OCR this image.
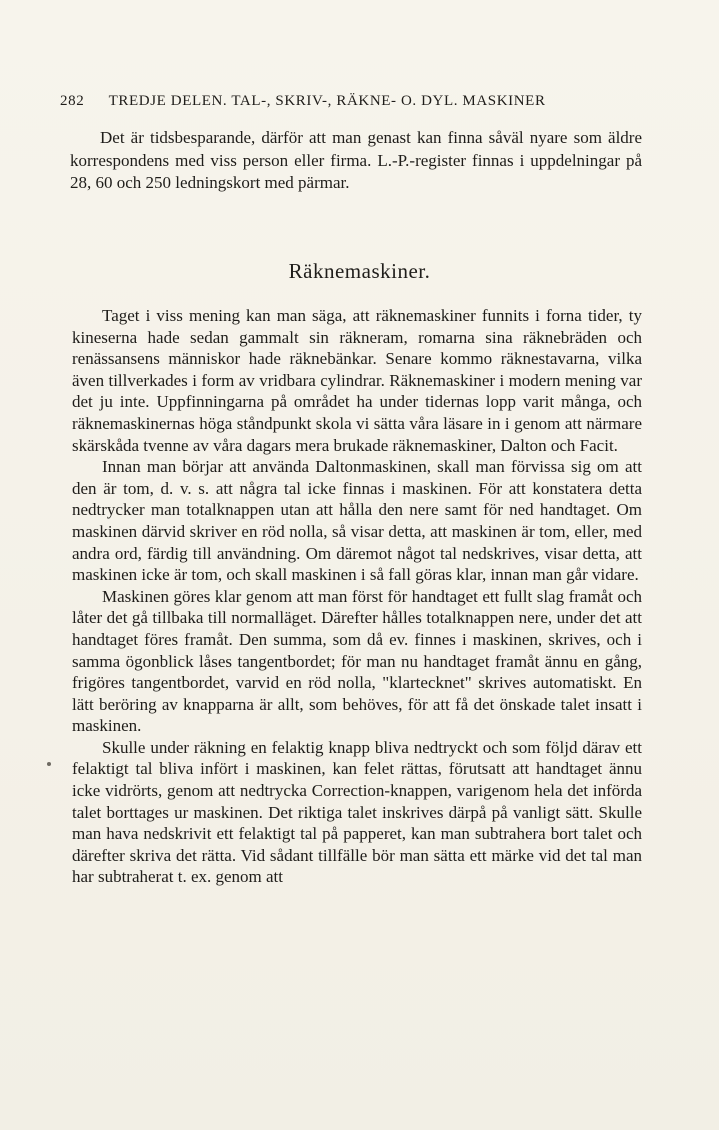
282 TREDJE DELEN. TAL-, SKRIV-, RÄKNE- O. DYL. MASKINER

Det är tidsbesparande, därför att man genast kan finna såväl nyare som äldre korrespondens med viss person eller firma. L.-P.-register finnas i uppdelningar på 28, 60 och 250 ledningskort med pärmar.

Räknemaskiner.

Taget i viss mening kan man säga, att räknemaskiner funnits i forna tider, ty kineserna hade sedan gammalt sin räkneram, romarna sina räknebräden och renässansens människor hade räknebänkar. Senare kommo räknestavarna, vilka även tillverkades i form av vridbara cylindrar. Räknemaskiner i modern mening var det ju inte. Uppfinningarna på området ha under tidernas lopp varit många, och räknemaskinernas höga ståndpunkt skola vi sätta våra läsare in i genom att närmare skärskåda tvenne av våra dagars mera brukade räknemaskiner, Dalton och Facit.

Innan man börjar att använda Daltonmaskinen, skall man förvissa sig om att den är tom, d. v. s. att några tal icke finnas i maskinen. För att konstatera detta nedtrycker man totalknappen utan att hålla den nere samt för ned handtaget. Om maskinen därvid skriver en röd nolla, så visar detta, att maskinen är tom, eller, med andra ord, färdig till användning. Om däremot något tal nedskrives, visar detta, att maskinen icke är tom, och skall maskinen i så fall göras klar, innan man går vidare.

Maskinen göres klar genom att man först för handtaget ett fullt slag framåt och låter det gå tillbaka till normalläget. Därefter hålles totalknappen nere, under det att handtaget föres framåt. Den summa, som då ev. finnes i maskinen, skrives, och i samma ögonblick låses tangentbordet; för man nu handtaget framåt ännu en gång, frigöres tangentbordet, varvid en röd nolla, "klartecknet" skrives automatiskt. En lätt beröring av knapparna är allt, som behöves, för att få det önskade talet insatt i maskinen.

Skulle under räkning en felaktig knapp bliva nedtryckt och som följd därav ett felaktigt tal bliva infört i maskinen, kan felet rättas, förutsatt att handtaget ännu icke vidrörts, genom att nedtrycka Correction-knappen, varigenom hela det införda talet borttages ur maskinen. Det riktiga talet inskrives därpå på vanligt sätt. Skulle man hava nedskrivit ett felaktigt tal på papperet, kan man subtrahera bort talet och därefter skriva det rätta. Vid sådant tillfälle bör man sätta ett märke vid det tal man har subtraherat t. ex. genom att
